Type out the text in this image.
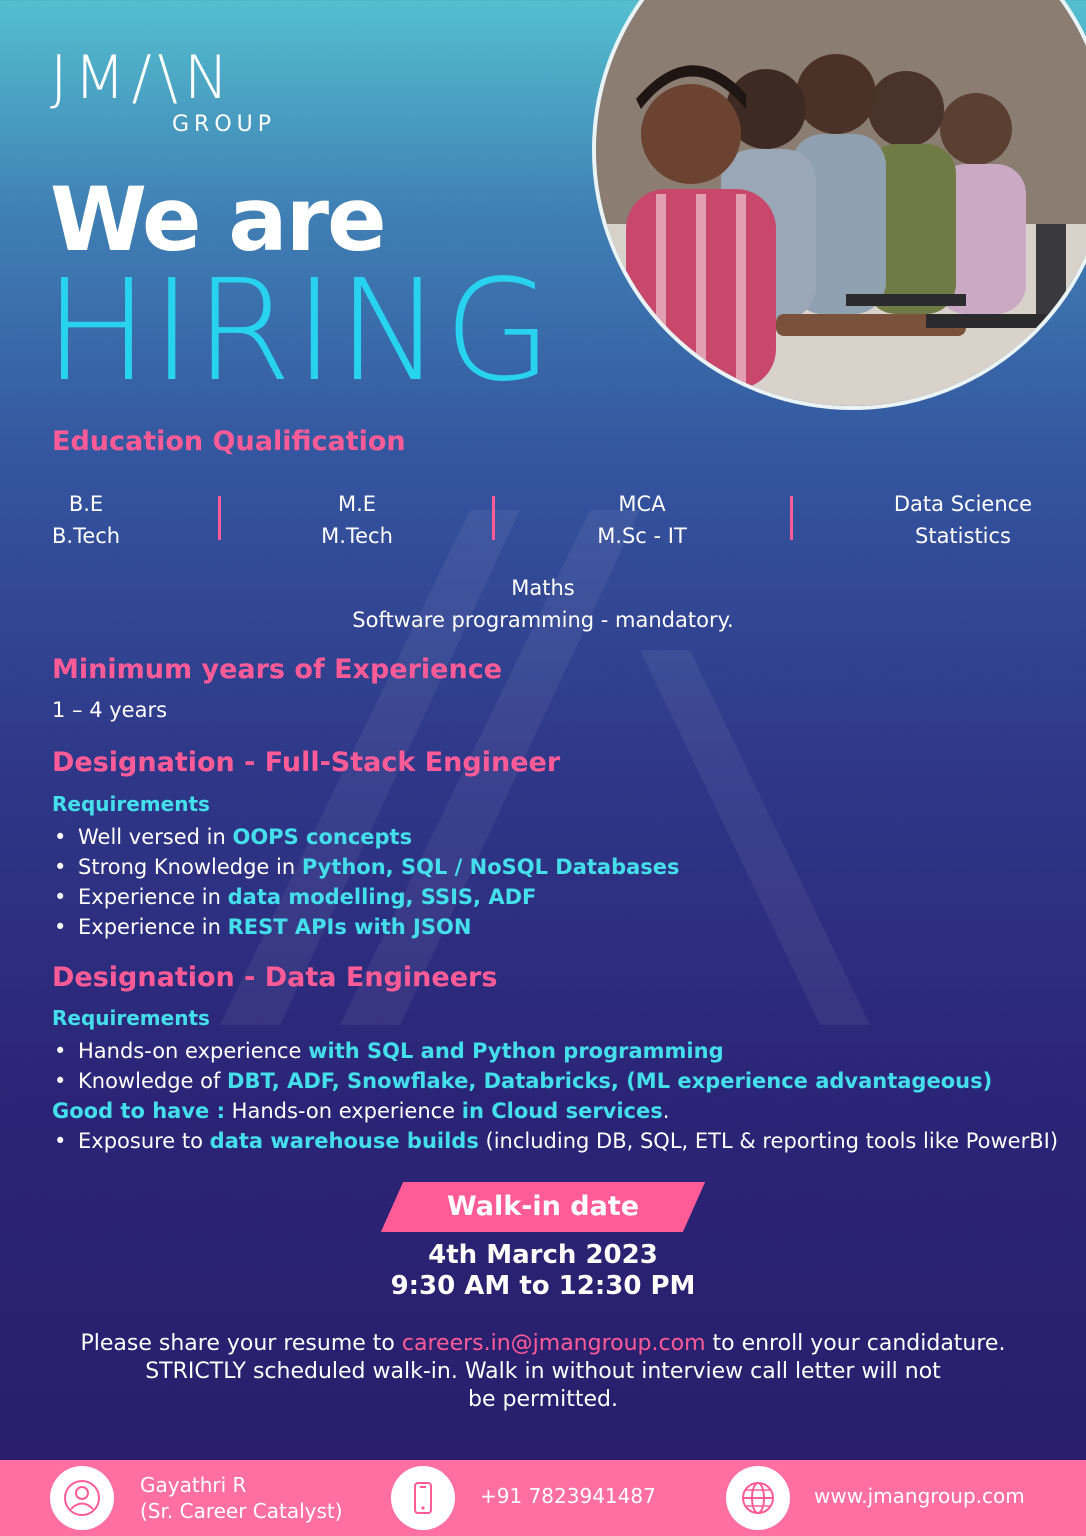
JM/\N
GROUP
We are
HIRING
Education Qualification
B.E
B.Tech
M.E
M.Tech
MCA
M.Sc - IT
Data Science
Statistics
Maths
Software programming - mandatory.
Minimum years of Experience
1 – 4 years
Designation - Full-Stack Engineer
Requirements
• Well versed in OOPS concepts
• Strong Knowledge in Python, SQL / NoSQL Databases
• Experience in data modelling, SSIS, ADF
• Experience in REST APIs with JSON
Designation - Data Engineers
Requirements
• Hands-on experience with SQL and Python programming
• Knowledge of DBT, ADF, Snowflake, Databricks, (ML experience advantageous)
Good to have : Hands-on experience in Cloud services.
• Exposure to data warehouse builds (including DB, SQL, ETL & reporting tools like PowerBI)
Walk-in date
4th March 2023
9:30 AM to 12:30 PM
Please share your resume to careers.in@jmangroup.com to enroll your candidature.
STRICTLY scheduled walk-in. Walk in without interview call letter will not
be permitted.
Gayathri R
(Sr. Career Catalyst)
+91 7823941487	www.jmangroup.com
